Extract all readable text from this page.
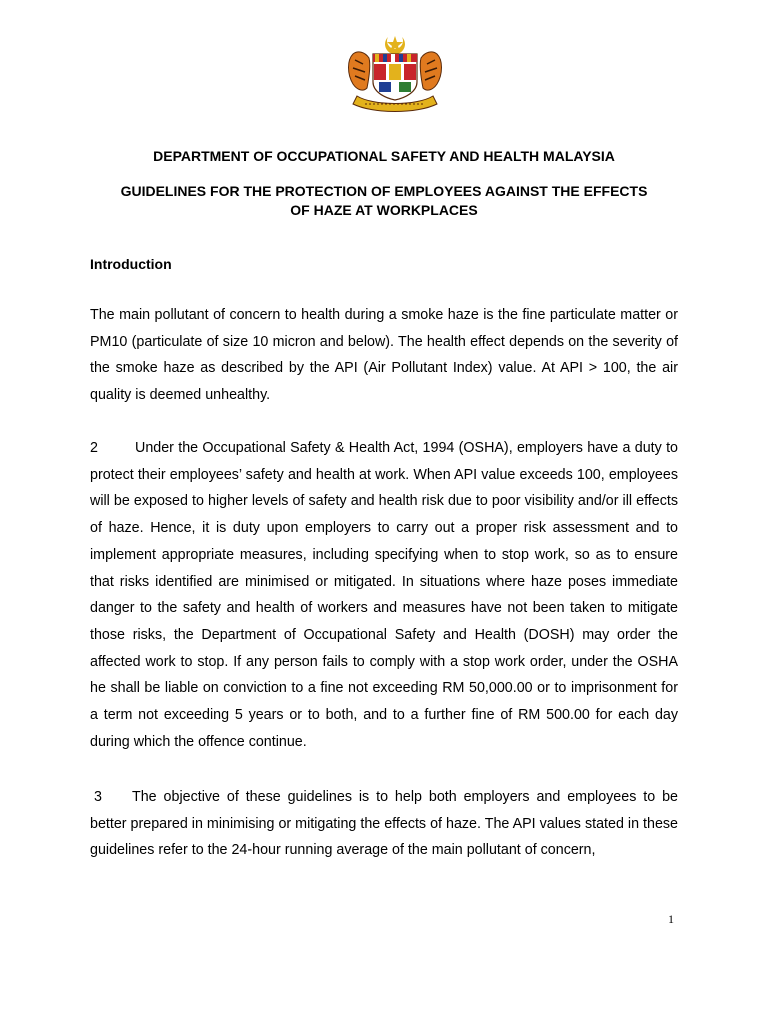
DEPARTMENT OF OCCUPATIONAL SAFETY AND HEALTH MALAYSIA
GUIDELINES FOR THE PROTECTION OF EMPLOYEES AGAINST THE EFFECTS
OF HAZE AT WORKPLACES
Introduction

The main pollutant of concern to health during a smoke haze is the fine particulate matter or PM10 (particulate of size 10 micron and below). The health effect depends on the severity of the smoke haze as described by the API (Air Pollutant Index) value. At API > 100, the air quality is deemed unhealthy.

2	Under the Occupational Safety & Health Act, 1994 (OSHA), employers have a duty to protect their employees’ safety and health at work. When API value exceeds 100, employees will be exposed to higher levels of safety and health risk due to poor visibility and/or ill effects of haze. Hence, it is duty upon employers to carry out a proper risk assessment and to implement appropriate measures, including specifying when to stop work, so as to ensure that risks identified are minimised or mitigated. In situations where haze poses immediate danger to the safety and health of workers and measures have not been taken to mitigate those risks, the Department of Occupational Safety and Health (DOSH) may order the affected work to stop. If any person fails to comply with a stop work order, under the OSHA he shall be liable on conviction to a fine not exceeding RM 50,000.00 or to imprisonment for a term not exceeding 5 years or to both, and to a further fine of RM 500.00 for each day during which the offence continue.

3 The objective of these guidelines is to help both employers and employees to be better prepared in minimising or mitigating the effects of haze. The API values stated in these guidelines refer to the 24-hour running average of the main pollutant of concern,

1
